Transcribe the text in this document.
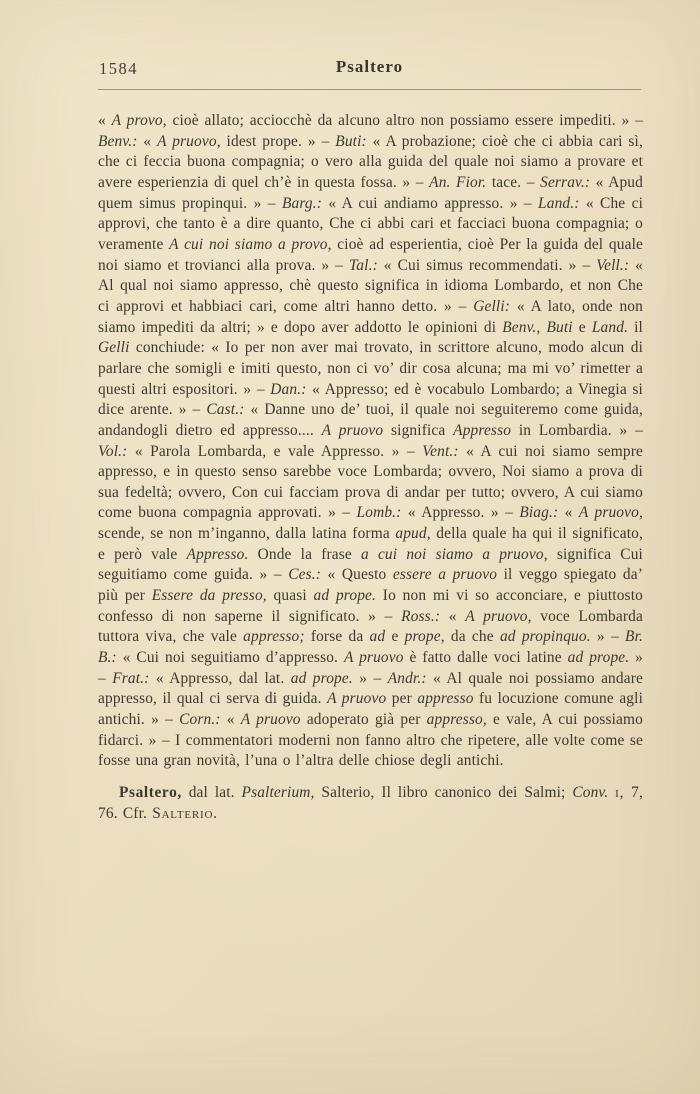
1584	Psaltero

« A provo, cioè allato; acciocchè da alcuno altro non possiamo essere impediti. » – Benv.: « A pruovo, idest prope. » – Buti: « A probazione; cioè che ci abbia cari sì, che ci feccia buona compagnia; o vero alla guida del quale noi siamo a provare et avere esperienzia di quel ch’è in questa fossa. » – An. Fior. tace. – Serrav.: « Apud quem simus propinqui. » – Barg.: « A cui andiamo appresso. » – Land.: « Che ci approvi, che tanto è a dire quanto, Che ci abbi cari et facciaci buona compagnia; o veramente A cui noi siamo a provo, cioè ad esperientia, cioè Per la guida del quale noi siamo et trovianci alla prova. » – Tal.: « Cui simus recommendati. » – Vell.: « Al qual noi siamo appresso, chè questo significa in idioma Lombardo, et non Che ci approvi et habbiaci cari, come altri hanno detto. » – Gelli: « A lato, onde non siamo impediti da altri; » e dopo aver addotto le opinioni di Benv., Buti e Land. il Gelli conchiude: « Io per non aver mai trovato, in scrittore alcuno, modo alcun di parlare che somigli e imiti questo, non ci vo’ dir cosa alcuna; ma mi vo’ rimetter a questi altri espositori. » – Dan.: « Appresso; ed è vocabulo Lombardo; a Vinegia si dice arente. » – Cast.: « Danne uno de’ tuoi, il quale noi seguiteremo come guida, andandogli dietro ed appresso.... A pruovo significa Appresso in Lombardia. » – Vol.: « Parola Lombarda, e vale Appresso. » – Vent.: « A cui noi siamo sempre appresso, e in questo senso sarebbe voce Lombarda; ovvero, Noi siamo a prova di sua fedeltà; ovvero, Con cui facciam prova di andar per tutto; ovvero, A cui siamo come buona compagnia approvati. » – Lomb.: « Appresso. » – Biag.: « A pruovo, scende, se non m’inganno, dalla latina forma apud, della quale ha qui il significato, e però vale Appresso. Onde la frase a cui noi siamo a pruovo, significa Cui seguitiamo come guida. » – Ces.: « Questo essere a pruovo il veggo spiegato da’ più per Essere da presso, quasi ad prope. Io non mi vi so acconciare, e piuttosto confesso di non saperne il significato. » – Ross.: « A pruovo, voce Lombarda tuttora viva, che vale appresso; forse da ad e prope, da che ad propinquo. » – Br. B.: « Cui noi seguitiamo d’appresso. A pruovo è fatto dalle voci latine ad prope. » – Frat.: « Appresso, dal lat. ad prope. » – Andr.: « Al quale noi possiamo andare appresso, il qual ci serva di guida. A pruovo per appresso fu locuzione comune agli antichi. » – Corn.: « A pruovo adoperato già per appresso, e vale, A cui possiamo fidarci. » – I commentatori moderni non fanno altro che ripetere, alle volte come se fosse una gran novità, l’una o l’altra delle chiose degli antichi.

Psaltero, dal lat. Psalterium, Salterio, Il libro canonico dei Salmi; Conv. i, 7, 76. Cfr. Salterio.
